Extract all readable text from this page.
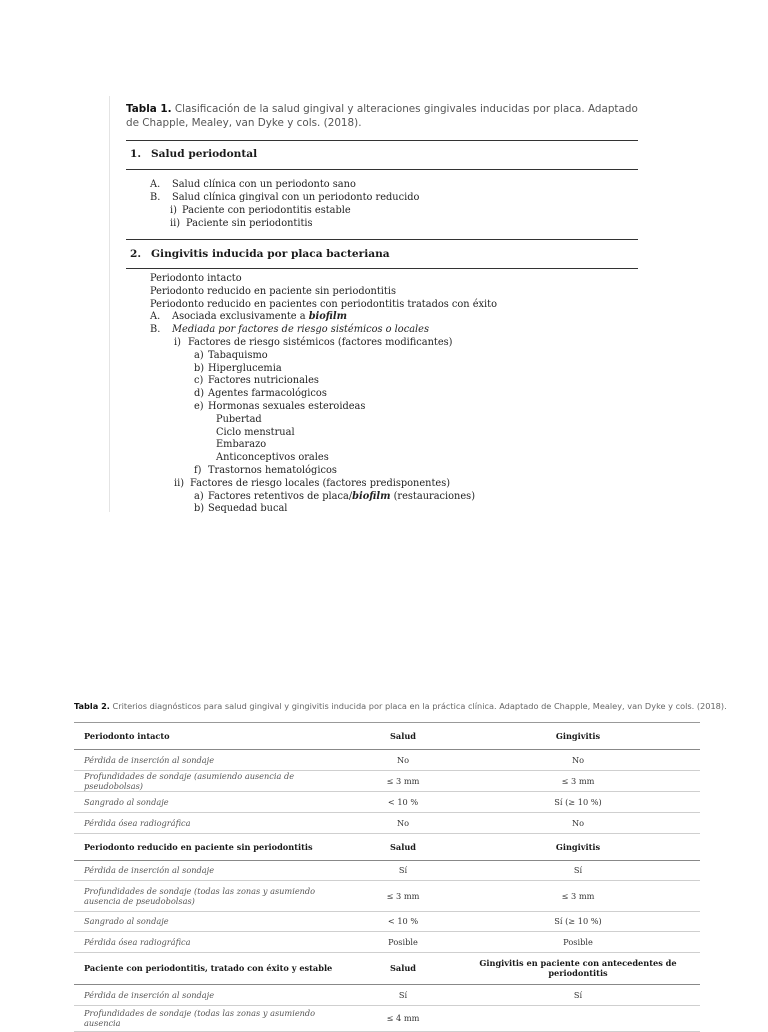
Tabla 1. Clasificación de la salud gingival y alteraciones gingivales inducidas por placa. Adaptado de Chapple, Mealey, van Dyke y cols. (2018).
1. Salud periodontal
A. Salud clínica con un periodonto sano
B. Salud clínica gingival con un periodonto reducido
i) Paciente con periodontitis estable
ii) Paciente sin periodontitis
2. Gingivitis inducida por placa bacteriana
Periodonto intacto
Periodonto reducido en paciente sin periodontitis
Periodonto reducido en pacientes con periodontitis tratados con éxito
A. Asociada exclusivamente a biofilm
B. Mediada por factores de riesgo sistémicos o locales
i) Factores de riesgo sistémicos (factores modificantes)
a) Tabaquismo
b) Hiperglucemia
c) Factores nutricionales
d) Agentes farmacológicos
e) Hormonas sexuales esteroideas
Pubertad
Ciclo menstrual
Embarazo
Anticonceptivos orales
f) Trastornos hematológicos
ii) Factores de riesgo locales (factores predisponentes)
a) Factores retentivos de placa/biofilm (restauraciones)
b) Sequedad bucal
Tabla 2. Criterios diagnósticos para salud gingival y gingivitis inducida por placa en la práctica clínica. Adaptado de Chapple, Mealey, van Dyke y cols. (2018).
Periodonto intacto	Salud	Gingivitis
Pérdida de inserción al sondaje	No	No
Profundidades de sondaje (asumiendo ausencia de pseudobolsas)	≤ 3 mm	≤ 3 mm
Sangrado al sondaje	< 10 %	Sí (≥ 10 %)
Pérdida ósea radiográfica	No	No
Periodonto reducido en paciente sin periodontitis	Salud	Gingivitis
Pérdida de inserción al sondaje	Sí	Sí
Profundidades de sondaje (todas las zonas y asumiendo ausencia de pseudobolsas)	≤ 3 mm	≤ 3 mm
Sangrado al sondaje	< 10 %	Sí (≥ 10 %)
Pérdida ósea radiográfica	Posible	Posible
Paciente con periodontitis, tratado con éxito y estable	Salud	Gingivitis en paciente con antecedentes de periodontitis
Pérdida de inserción al sondaje	Sí	Sí
Profundidades de sondaje (todas las zonas y asumiendo ausencia	≤ 4 mm
